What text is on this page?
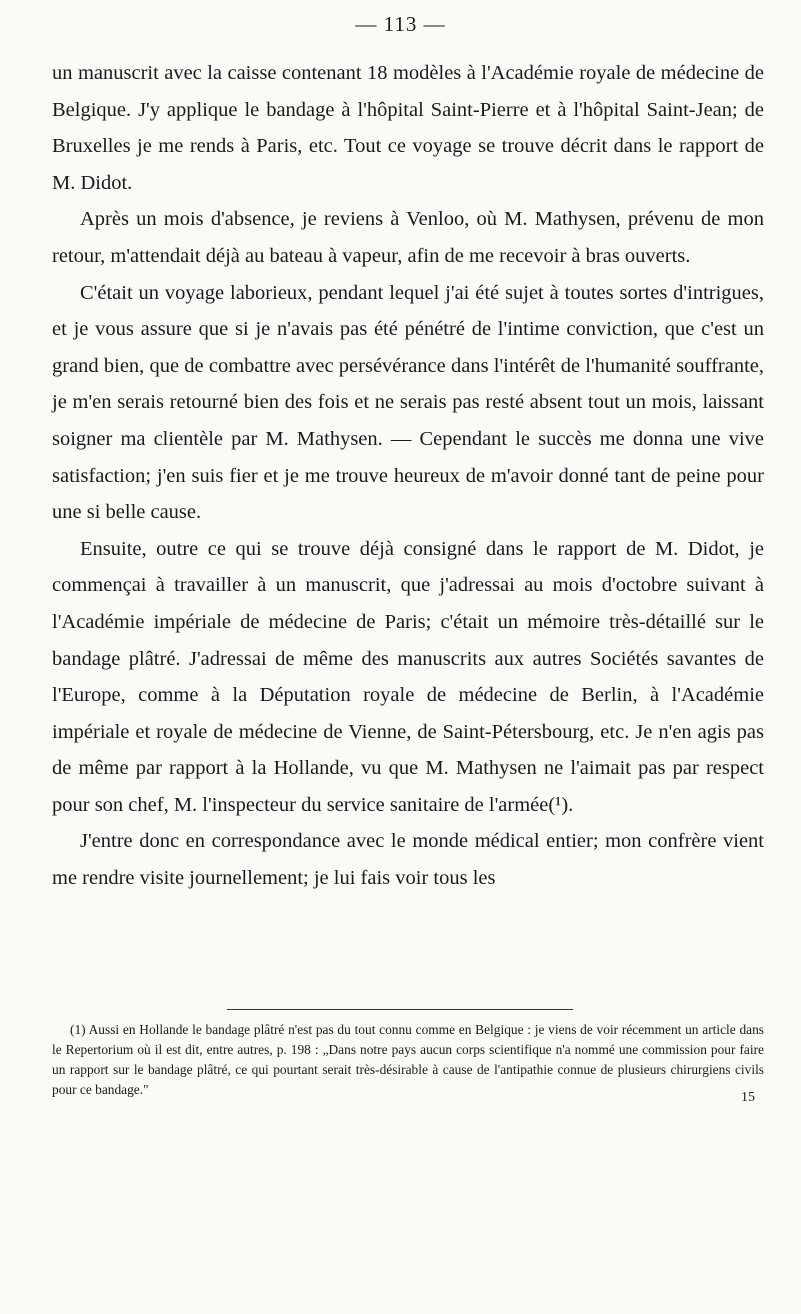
— 113 —

un manuscrit avec la caisse contenant 18 modèles à l'Académie royale de médecine de Belgique. J'y applique le bandage à l'hôpital Saint-Pierre et à l'hôpital Saint-Jean; de Bruxelles je me rends à Paris, etc. Tout ce voyage se trouve décrit dans le rapport de M. Didot.

Après un mois d'absence, je reviens à Venloo, où M. Mathysen, prévenu de mon retour, m'attendait déjà au bateau à vapeur, afin de me recevoir à bras ouverts.

C'était un voyage laborieux, pendant lequel j'ai été sujet à toutes sortes d'intrigues, et je vous assure que si je n'avais pas été pénétré de l'intime conviction, que c'est un grand bien, que de combattre avec persévérance dans l'intérêt de l'humanité souffrante, je m'en serais retourné bien des fois et ne serais pas resté absent tout un mois, laissant soigner ma clientèle par M. Mathysen. — Cependant le succès me donna une vive satisfaction; j'en suis fier et je me trouve heureux de m'avoir donné tant de peine pour une si belle cause.

Ensuite, outre ce qui se trouve déjà consigné dans le rapport de M. Didot, je commençai à travailler à un manuscrit, que j'adressai au mois d'octobre suivant à l'Académie impériale de médecine de Paris; c'était un mémoire très-détaillé sur le bandage plâtré. J'adressai de même des manuscrits aux autres Sociétés savantes de l'Europe, comme à la Députation royale de médecine de Berlin, à l'Académie impériale et royale de médecine de Vienne, de Saint-Pétersbourg, etc. Je n'en agis pas de même par rapport à la Hollande, vu que M. Mathysen ne l'aimait pas par respect pour son chef, M. l'inspecteur du service sanitaire de l'armée(¹).

J'entre donc en correspondance avec le monde médical entier; mon confrère vient me rendre visite journellement; je lui fais voir tous les

(1) Aussi en Hollande le bandage plâtré n'est pas du tout connu comme en Belgique : je viens de voir récemment un article dans le Repertorium où il est dit, entre autres, p. 198 : „Dans notre pays aucun corps scientifique n'a nommé une commission pour faire un rapport sur le bandage plâtré, ce qui pourtant serait très-désirable à cause de l'antipathie connue de plusieurs chirurgiens civils pour ce bandage."
15
